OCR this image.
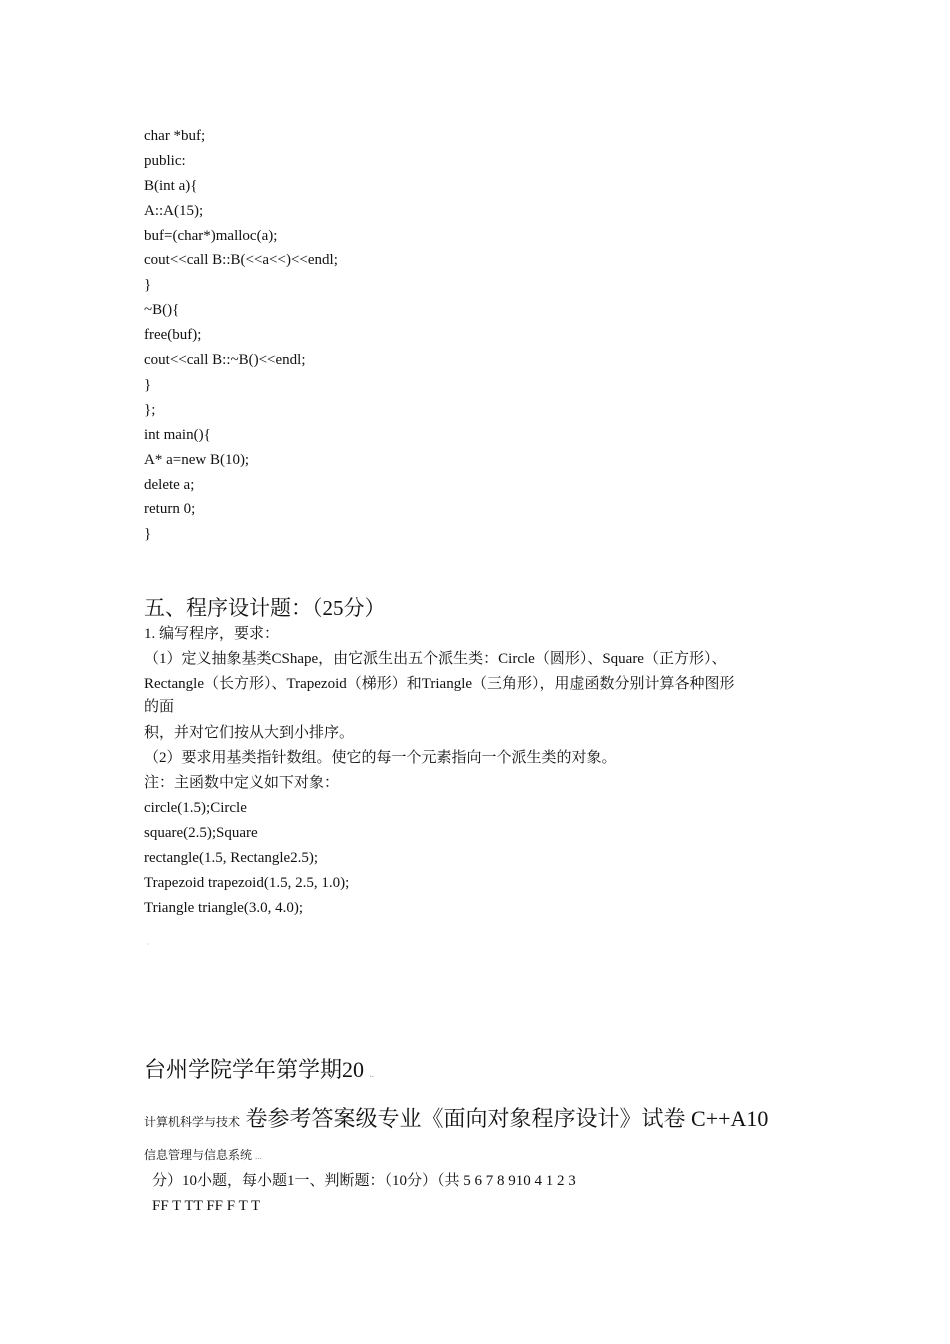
char *buf;
public:
B(int a){
A::A(15);
buf=(char*)malloc(a);
cout<<call B::B(<<a<<)<<endl;
}
~B(){
free(buf);
cout<<call B::~B()<<endl;
}
};
int main(){
A* a=new B(10);
delete a;
return 0;
}
五、程序设计题：（25分）
1. 编写程序，要求：
（1）定义抽象基类CShape，由它派生出五个派生类：Circle（圆形）、Square（正方形）、
Rectangle（长方形）、Trapezoid（梯形）和Triangle（三角形），用虚函数分别计算各种图形
的面
积，并对它们按从大到小排序。
（2）要求用基类指针数组。使它的每一个元素指向一个派生类的对象。
注：主函数中定义如下对象：
circle(1.5);Circle
square(2.5);Square
rectangle(1.5, Rectangle2.5);
Trapezoid trapezoid(1.5, 2.5, 1.0);
Triangle triangle(3.0, 4.0);
·
台州学院学年第学期20 ..
计算机科学与技术 卷参考答案级专业《面向对象程序设计》试卷 C++A10
信息管理与信息系统 ...
分）10小题，每小题1一、判断题：（10分）（共 5 6 7 8 910 4 1 2 3
FF T TT FF F T T
